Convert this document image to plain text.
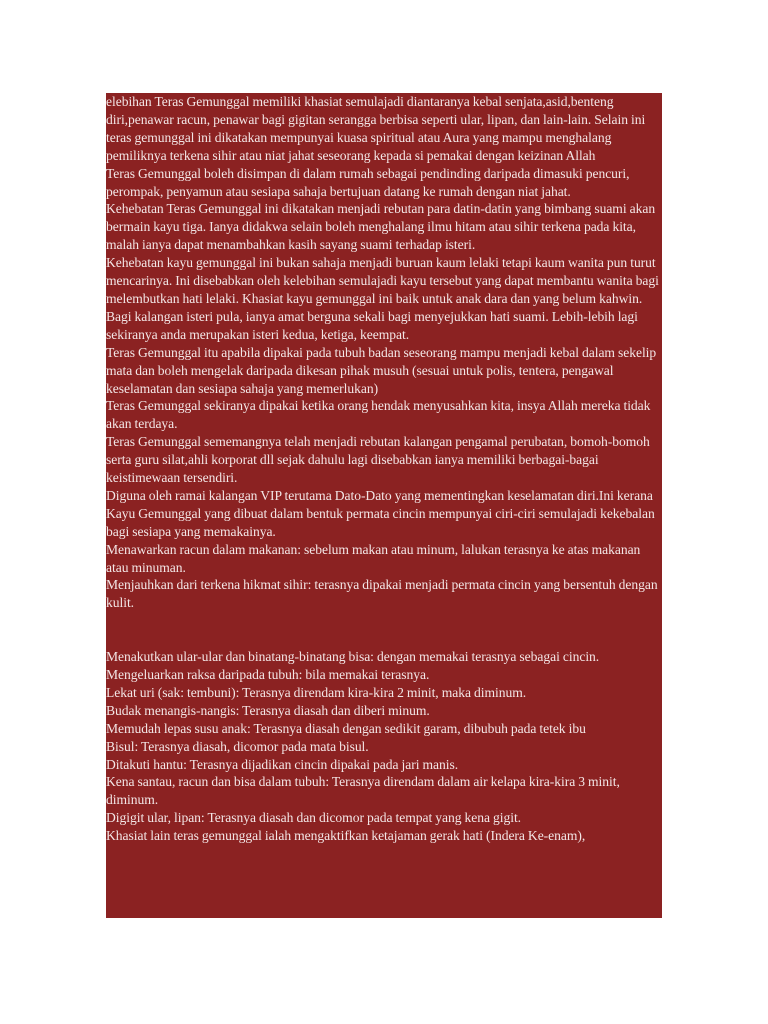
elebihan Teras Gemunggal memiliki khasiat semulajadi diantaranya kebal senjata,asid,benteng diri,penawar racun, penawar bagi gigitan serangga berbisa seperti ular, lipan, dan lain-lain. Selain ini teras gemunggal ini dikatakan mempunyai kuasa spiritual atau Aura yang mampu menghalang pemiliknya terkena sihir atau niat jahat seseorang kepada si pemakai dengan keizinan Allah

Teras Gemunggal boleh disimpan di dalam rumah sebagai pendinding daripada dimasuki pencuri, perompak, penyamun atau sesiapa sahaja bertujuan datang ke rumah dengan niat jahat.

Kehebatan Teras Gemunggal ini dikatakan menjadi rebutan para datin-datin yang bimbang suami akan bermain kayu tiga. Ianya didakwa selain boleh menghalang ilmu hitam atau sihir terkena pada kita, malah ianya dapat menambahkan kasih sayang suami terhadap isteri.

Kehebatan kayu gemunggal ini bukan sahaja menjadi buruan kaum lelaki tetapi kaum wanita pun turut mencarinya. Ini disebabkan oleh kelebihan semulajadi kayu tersebut yang dapat membantu wanita bagi melembutkan hati lelaki. Khasiat kayu gemunggal ini baik untuk anak dara dan yang belum kahwin.

Bagi kalangan isteri pula, ianya amat berguna sekali bagi menyejukkan hati suami. Lebih-lebih lagi sekiranya anda merupakan isteri kedua, ketiga, keempat.

Teras Gemunggal itu apabila dipakai pada tubuh badan seseorang mampu menjadi kebal dalam sekelip mata dan boleh mengelak daripada dikesan pihak musuh (sesuai untuk polis, tentera, pengawal keselamatan dan sesiapa sahaja yang memerlukan)

Teras Gemunggal sekiranya dipakai ketika orang hendak menyusahkan kita, insya Allah mereka tidak akan terdaya.

Teras Gemunggal sememangnya telah menjadi rebutan kalangan pengamal perubatan, bomoh-bomoh serta guru silat,ahli korporat dll sejak dahulu lagi disebabkan ianya memiliki berbagai-bagai keistimewaan tersendiri.

Diguna oleh ramai kalangan VIP terutama Dato-Dato yang mementingkan keselamatan diri.Ini kerana Kayu Gemunggal yang dibuat dalam bentuk permata cincin mempunyai ciri-ciri semulajadi kekebalan bagi sesiapa yang memakainya.

Menawarkan racun dalam makanan: sebelum makan atau minum, lalukan terasnya ke atas makanan atau minuman.

Menjauhkan dari terkena hikmat sihir: terasnya dipakai menjadi permata cincin yang bersentuh dengan kulit.

Menakutkan ular-ular dan binatang-binatang bisa: dengan memakai terasnya sebagai cincin.

Mengeluarkan raksa daripada tubuh: bila memakai terasnya.

Lekat uri (sak: tembuni): Terasnya direndam kira-kira 2 minit, maka diminum.

Budak menangis-nangis: Terasnya diasah dan diberi minum.

Memudah lepas susu anak: Terasnya diasah dengan sedikit garam, dibubuh pada tetek ibu

Bisul: Terasnya diasah, dicomor pada mata bisul.

Ditakuti hantu: Terasnya dijadikan cincin dipakai pada jari manis.

Kena santau, racun dan bisa dalam tubuh: Terasnya direndam dalam air kelapa kira-kira 3 minit, diminum.

Digigit ular, lipan: Terasnya diasah dan dicomor pada tempat yang kena gigit.

Khasiat lain teras gemunggal ialah mengaktifkan ketajaman gerak hati (Indera Ke-enam),
